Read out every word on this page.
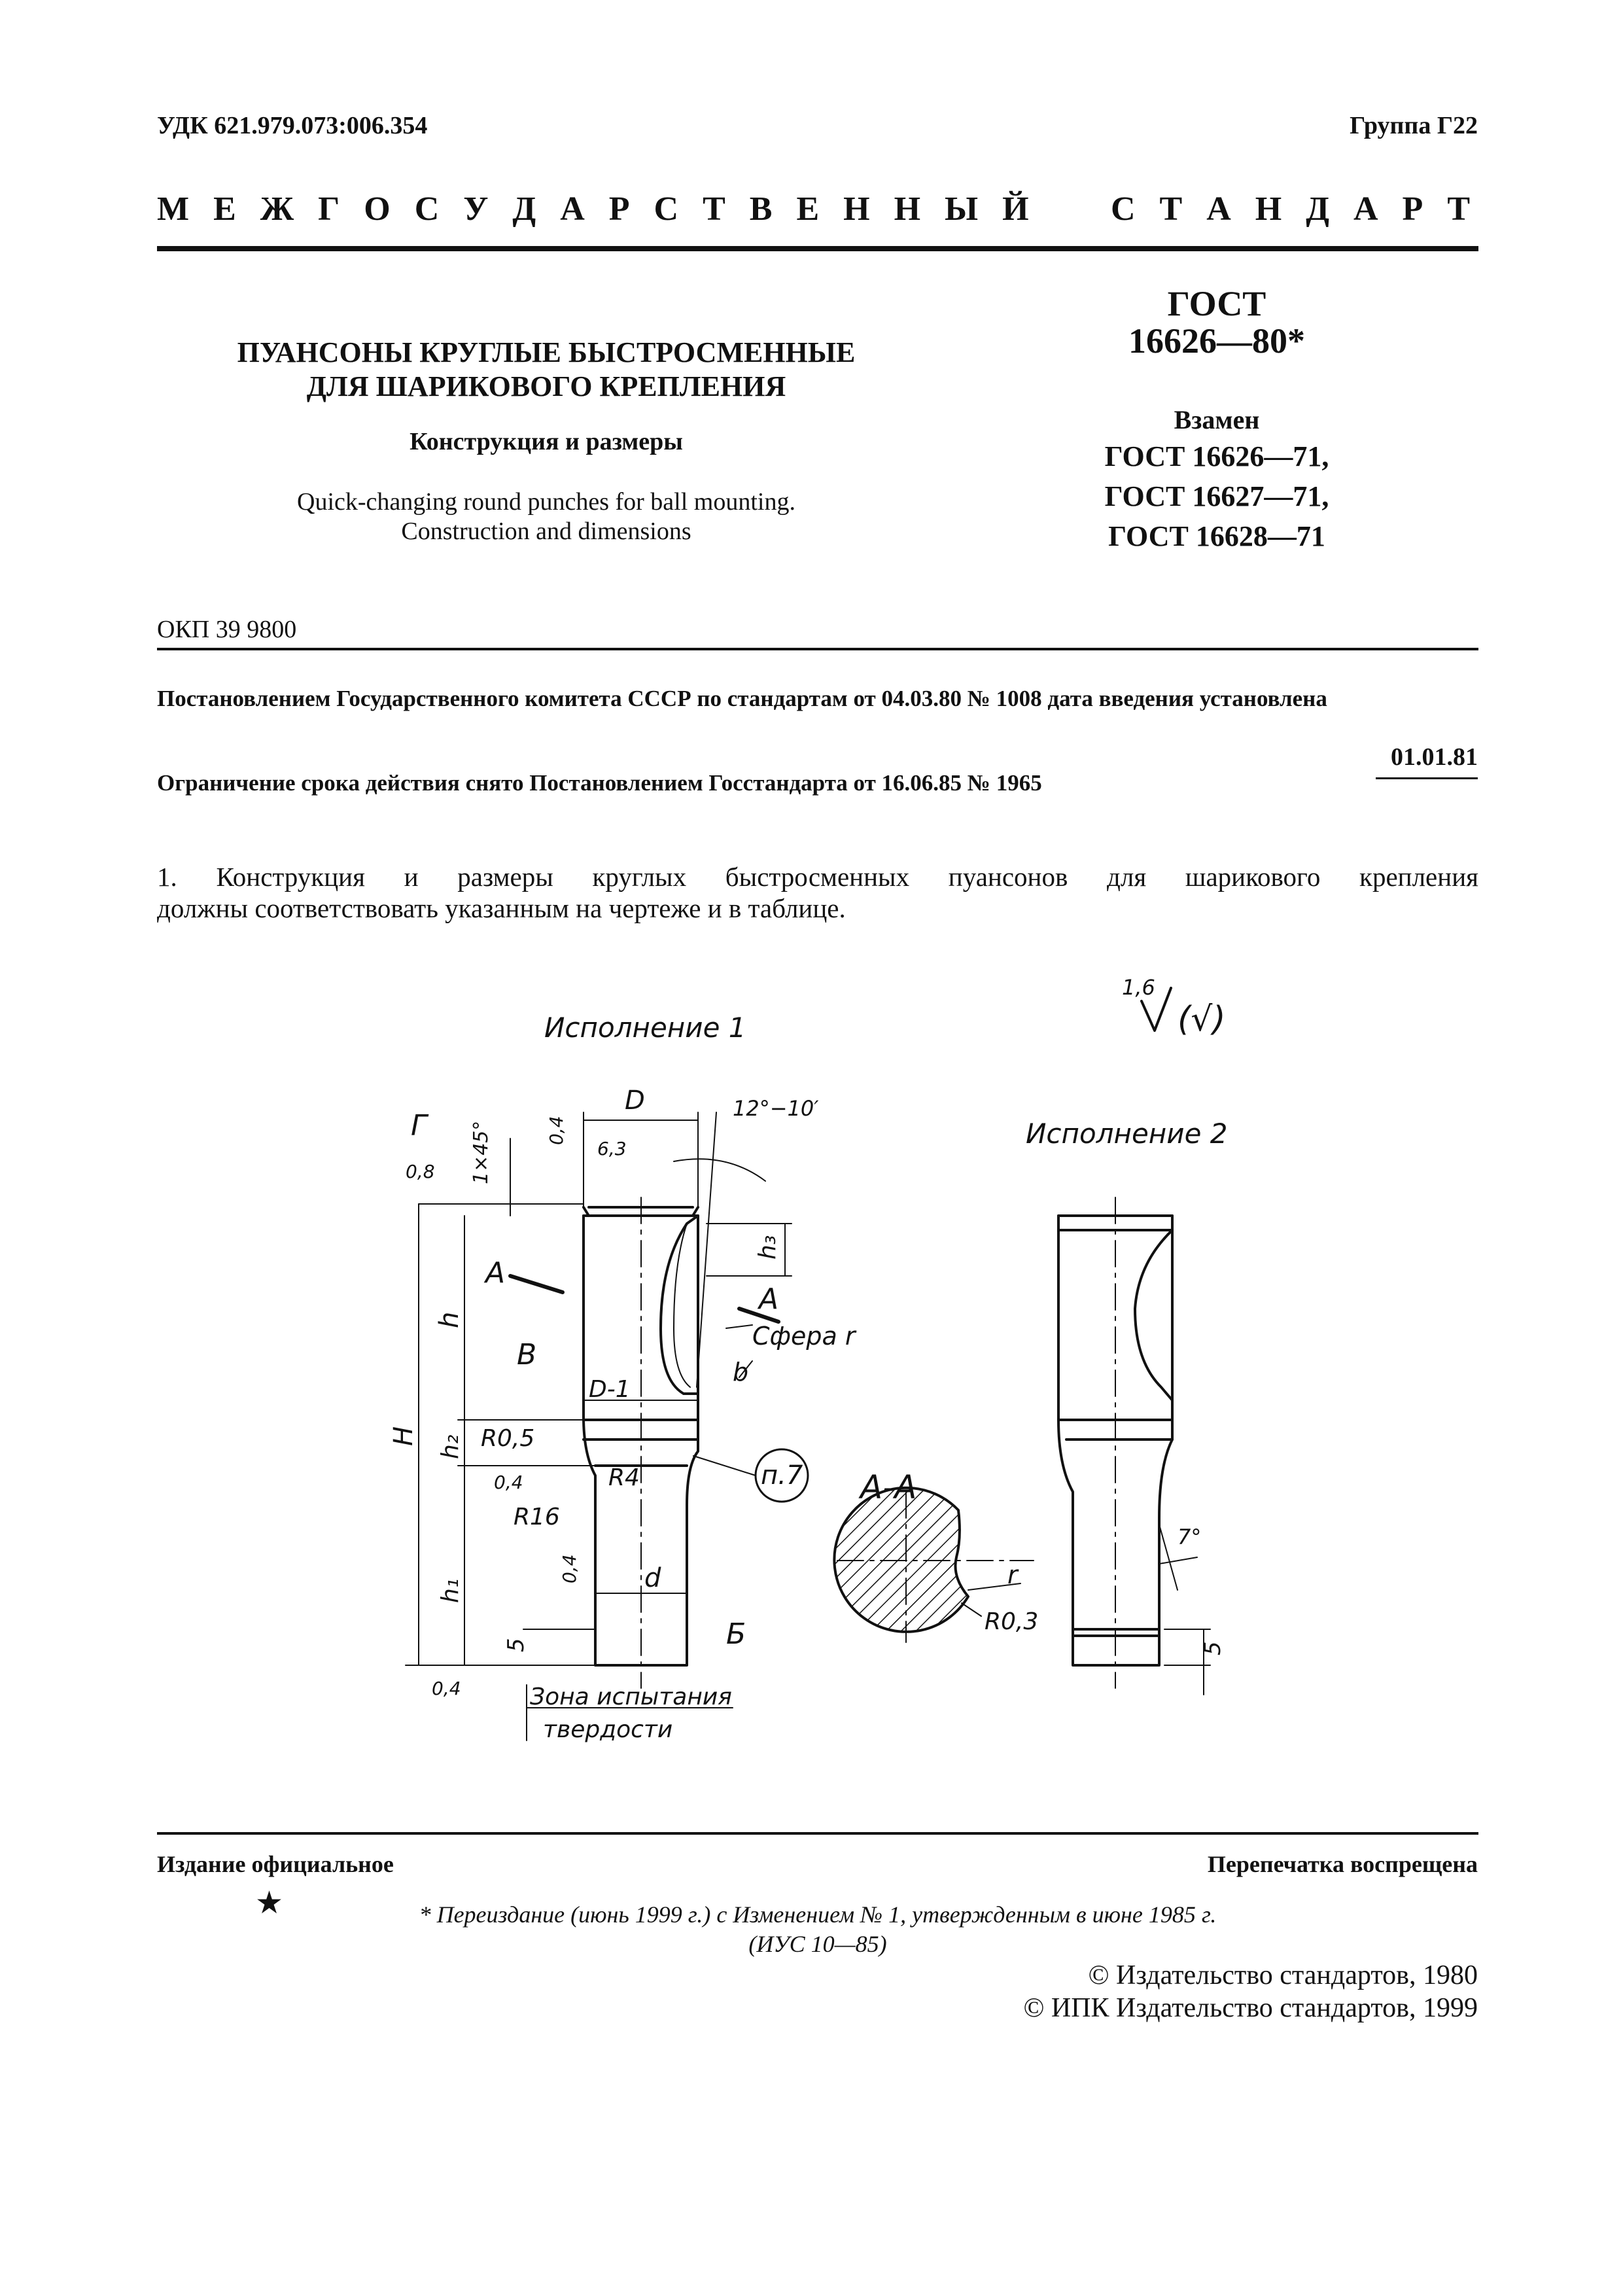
УДК 621.979.073:006.354	Группа Г22
М Е Ж Г О С У Д А Р С Т В Е Н Н Ы Й С Т А Н Д А Р Т
ПУАНСОНЫ КРУГЛЫЕ БЫСТРОСМЕННЫЕ
ДЛЯ ШАРИКОВОГО КРЕПЛЕНИЯ
Конструкция и размеры
Quick-changing round punches for ball mounting.
Construction and dimensions
ГОСТ
16626—80*
Взамен
ГОСТ 16626—71,
ГОСТ 16627—71,
ГОСТ 16628—71
ОКП 39 9800
Постановлением Государственного комитета СССР по стандартам от 04.03.80 № 1008 дата введения установлена
01.01.81
Ограничение срока действия снято Постановлением Госстандарта от 16.06.85 № 1965
1. Конструкция и размеры круглых быстросменных пуансонов для шарикового крепления
должны соответствовать указанным на чертеже и в таблице.
Исполнение 1
Исполнение 2
1,6
(√)
А-А
D	12°−10′
6,3
0,4
1×45°
Г
0,8
А
А
h₃
h
H
В
Сфера r
b
D-1
R0,5
h₂
п.7
R4
0,4
R16
0,4 d
h₁
5	Б
0,4	Зона испытания
твердости
r
R0,3
7°
5
Издание официальное	Перепечатка воспрещена
★	* Переиздание (июнь 1999 г.) с Изменением № 1, утвержденным в июне 1985 г.
(ИУС 10—85)
© Издательство стандартов, 1980
© ИПК Издательство стандартов, 1999
